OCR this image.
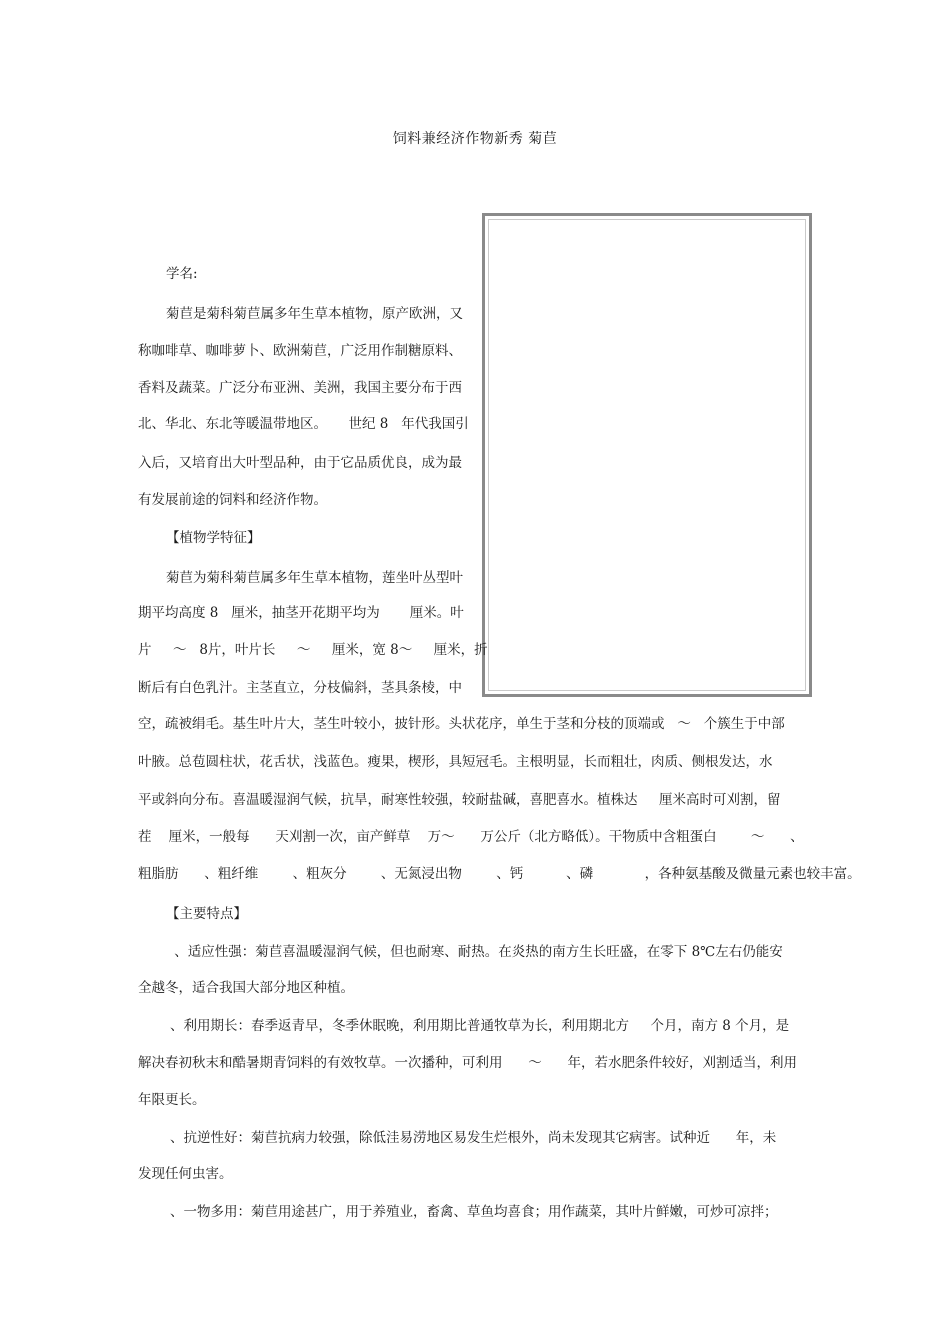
饲料兼经济作物新秀 菊苣
学名:
菊苣是菊科菊苣属多年生草本植物，原产欧洲，又
称咖啡草、咖啡萝卜、欧洲菊苣，广泛用作制糖原料、
香料及蔬菜。广泛分布亚洲、美洲，我国主要分布于西
北、华北、东北等暖温带地区。     世纪 8   年代我国引
入后，又培育出大叶型品种，由于它品质优良，成为最
有发展前途的饲料和经济作物。
【植物学特征】
菊苣为菊科菊苣属多年生草本植物，莲坐叶丛型叶
期平均高度 8   厘米，抽茎开花期平均为       厘米。叶
片     ～   8片，叶片长     ～     厘米，宽 8～     厘米，折
断后有白色乳汁。主茎直立，分枝偏斜，茎具条棱，中
空，疏被绢毛。基生叶片大，茎生叶较小，披针形。头状花序，单生于茎和分枝的顶端或   ～   个簇生于中部
叶腋。总苞圆柱状，花舌状，浅蓝色。瘦果，楔形，具短冠毛。主根明显，长而粗壮，肉质、侧根发达，水
平或斜向分布。喜温暖湿润气候，抗旱，耐寒性较强，较耐盐碱，喜肥喜水。植株达     厘米高时可刈割，留
茬    厘米，一般每      天刈割一次，亩产鲜草    万～      万公斤（北方略低）。干物质中含粗蛋白        ～      、
粗脂肪      、粗纤维        、粗灰分        、无氮浸出物        、钙          、磷            ，各种氨基酸及微量元素也较丰富。
【主要特点】
、适应性强：菊苣喜温暖湿润气候，但也耐寒、耐热。在炎热的南方生长旺盛，在零下 8℃左右仍能安
全越冬，适合我国大部分地区种植。
、利用期长：春季返青早，冬季休眠晚，利用期比普通牧草为长，利用期北方     个月，南方 8 个月，是
解决春初秋末和酷暑期青饲料的有效牧草。一次播种，可利用      ～      年，若水肥条件较好，刈割适当，利用
年限更长。
、抗逆性好：菊苣抗病力较强，除低洼易涝地区易发生烂根外，尚未发现其它病害。试种近      年，未
发现任何虫害。
、一物多用：菊苣用途甚广，用于养殖业，畜禽、草鱼均喜食；用作蔬菜，其叶片鲜嫩，可炒可凉拌；
